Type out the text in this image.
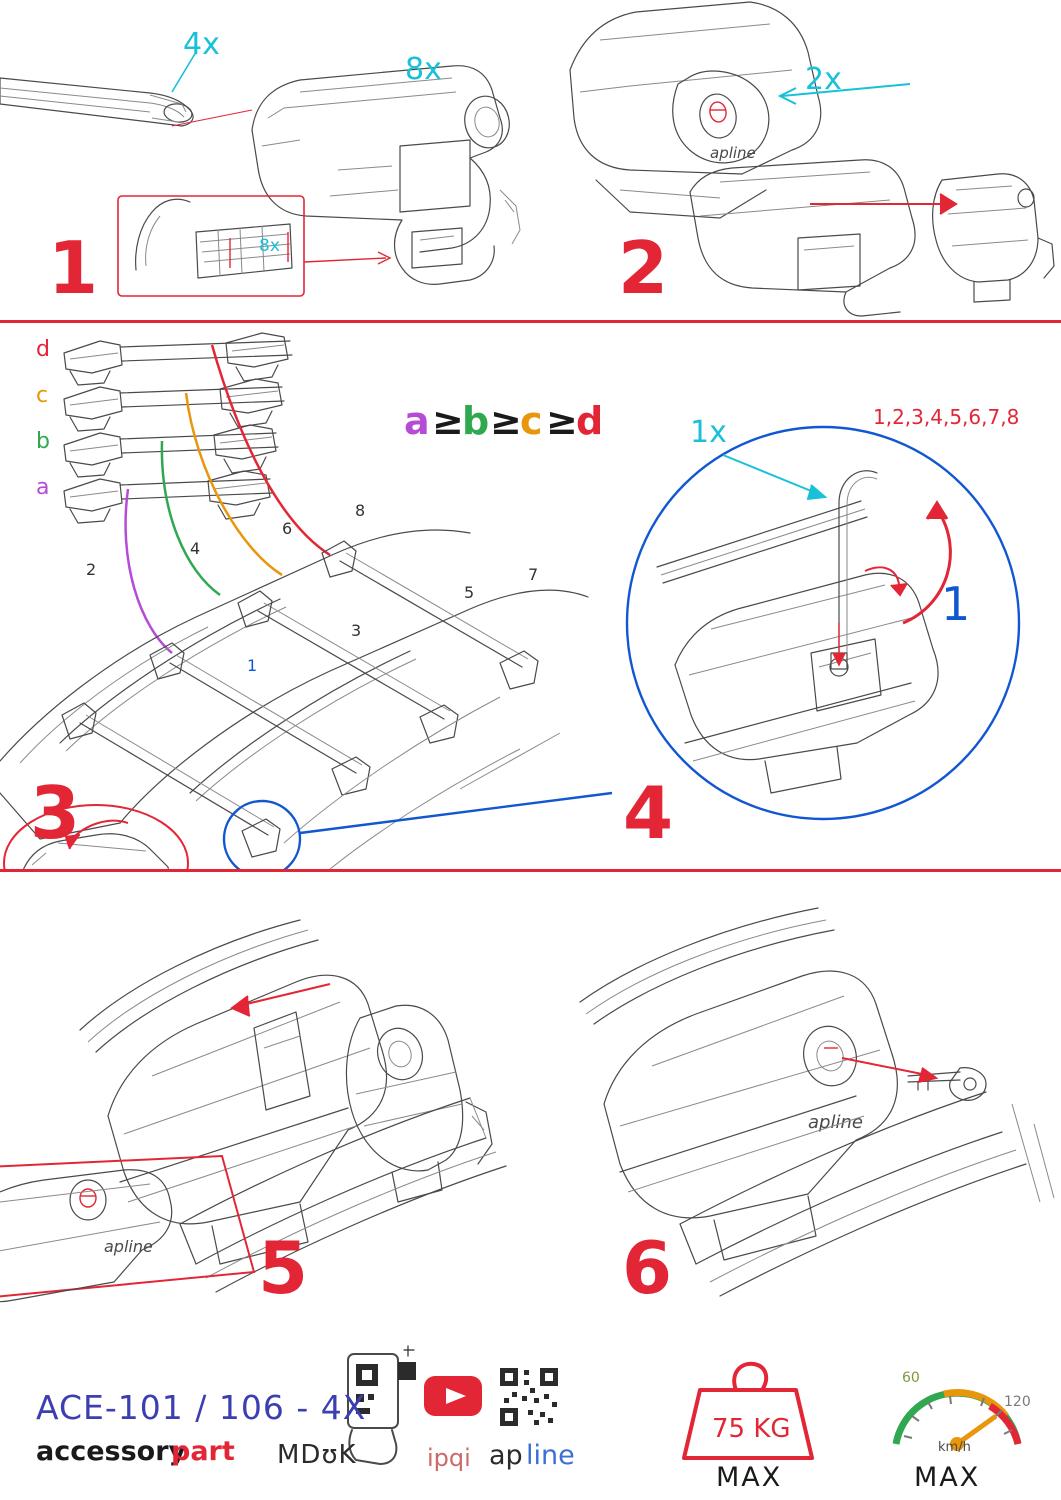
4x
8x
8x
1
apline
2x
2
d
c
b
a
a ≥
b ≥
c ≥
d
1
2
3
4
5
6
7
8
3
1x	1,2,3,4,5,6,7,8
1
4
apline 5
apline
6
ACE-101 / 106 - 4X
accessory
part MDʊK	ipqi ap line
75 KG
MAX	MAX
km/h
60
120
